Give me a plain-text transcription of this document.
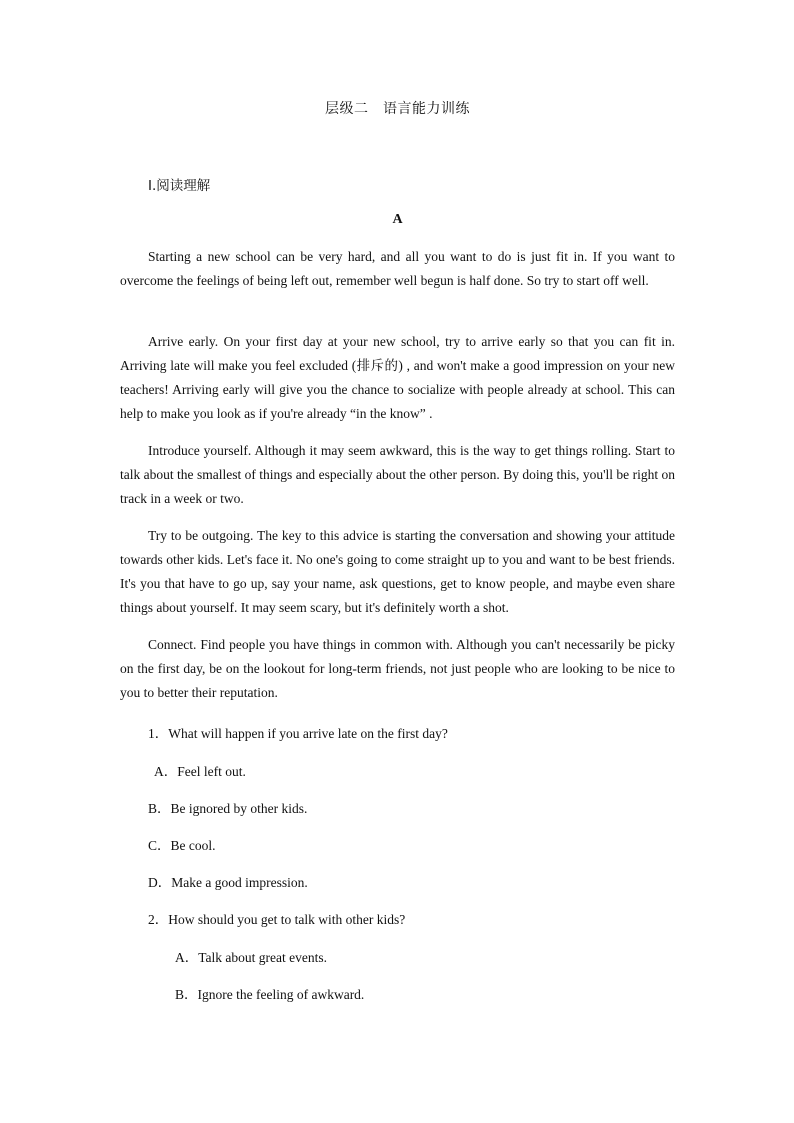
层级二　语言能力训练
Ⅰ.阅读理解
A

Starting a new school can be very hard, and all you want to do is just fit in. If you want to overcome the feelings of being left out, remember well begun is half done. So try to start off well.

Arrive early. On your first day at your new school, try to arrive early so that you can fit in. Arriving late will make you feel excluded (排斥的) , and won't make a good impression on your new teachers! Arriving early will give you the chance to socialize with people already at school. This can help to make you look as if you're already “in the know” .

Introduce yourself. Although it may seem awkward, this is the way to get things rolling. Start to talk about the smallest of things and especially about the other person. By doing this, you'll be right on track in a week or two.

Try to be outgoing. The key to this advice is starting the conversation and showing your attitude towards other kids. Let's face it. No one's going to come straight up to you and want to be best friends. It's you that have to go up, say your name, ask questions, get to know people, and maybe even share things about yourself. It may seem scary, but it's definitely worth a shot.

Connect. Find people you have things in common with. Although you can't necessarily be picky on the first day, be on the lookout for long-term friends, not just people who are looking to be nice to you to better their reputation.

1．What will happen if you arrive late on the first day?
A．Feel left out.
B．Be ignored by other kids.
C．Be cool.
D．Make a good impression.
2．How should you get to talk with other kids?
A．Talk about great events.
B．Ignore the feeling of awkward.
